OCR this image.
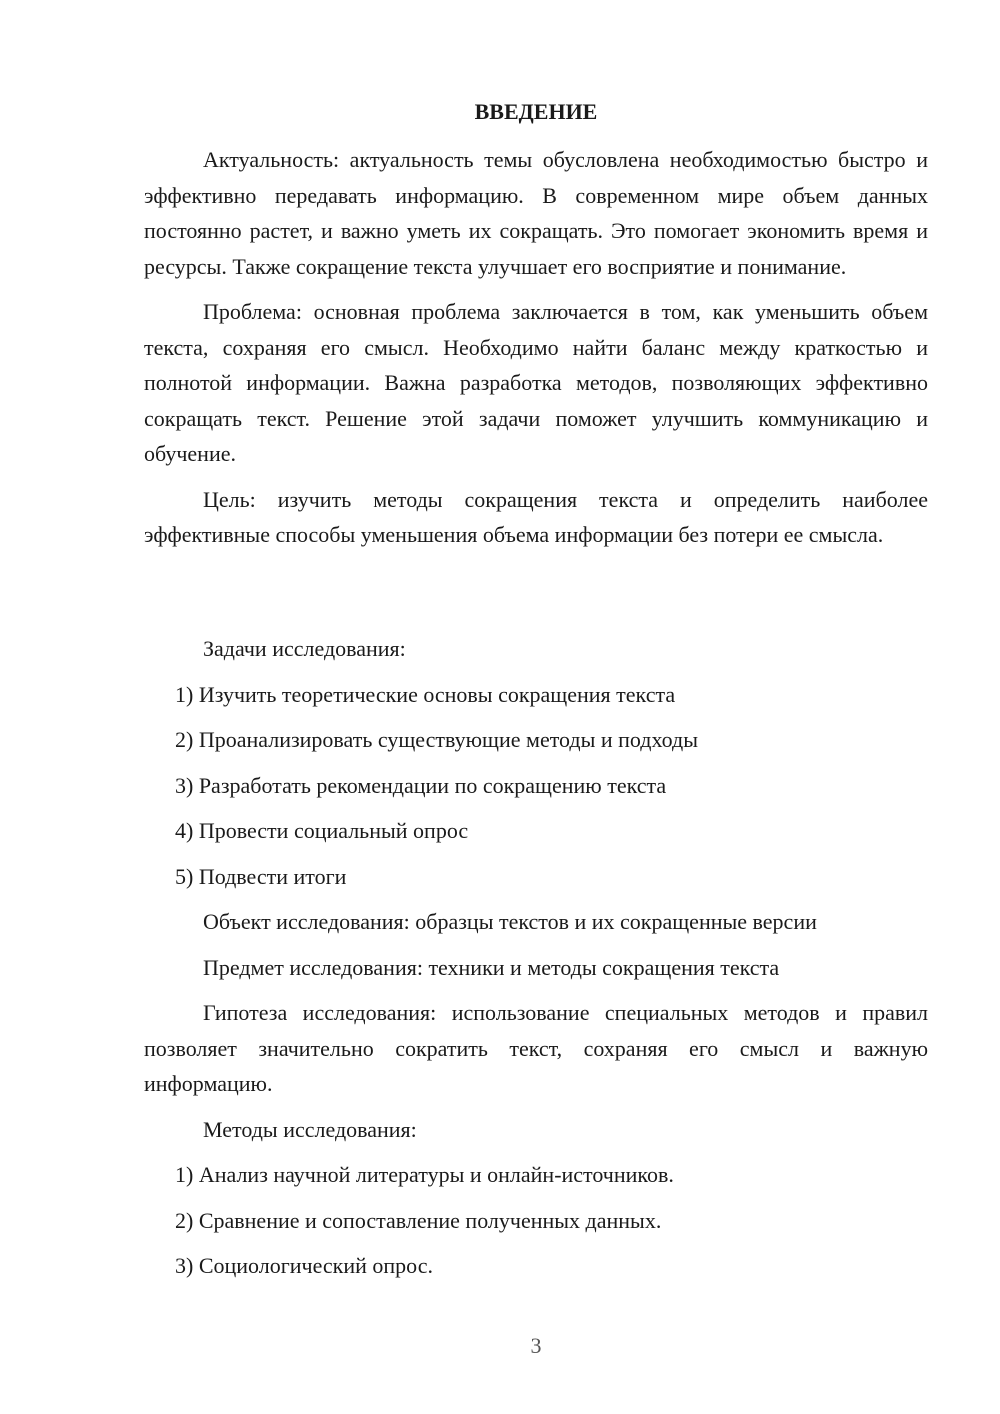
ВВЕДЕНИЕ

Актуальность: актуальность темы обусловлена необходимостью быстро и эффективно передавать информацию. В современном мире объем данных постоянно растет, и важно уметь их сокращать. Это помогает экономить время и ресурсы. Также сокращение текста улучшает его восприятие и понимание.

Проблема: основная проблема заключается в том, как уменьшить объем текста, сохраняя его смысл. Необходимо найти баланс между краткостью и полнотой информации. Важна разработка методов, позволяющих эффективно сокращать текст. Решение этой задачи поможет улучшить коммуникацию и обучение.

Цель: изучить методы сокращения текста и определить наиболее эффективные способы уменьшения объема информации без потери ее смысла.

Задачи исследования:

1) Изучить теоретические основы сокращения текста

2) Проанализировать существующие методы и подходы

3) Разработать рекомендации по сокращению текста

4) Провести социальный опрос

5) Подвести итоги

Объект исследования: образцы текстов и их сокращенные версии

Предмет исследования: техники и методы сокращения текста

Гипотеза исследования: использование специальных методов и правил позволяет значительно сократить текст, сохраняя его смысл и важную информацию.

Методы исследования:

1) Анализ научной литературы и онлайн-источников.

2) Сравнение и сопоставление полученных данных.

3) Социологический опрос.

3
